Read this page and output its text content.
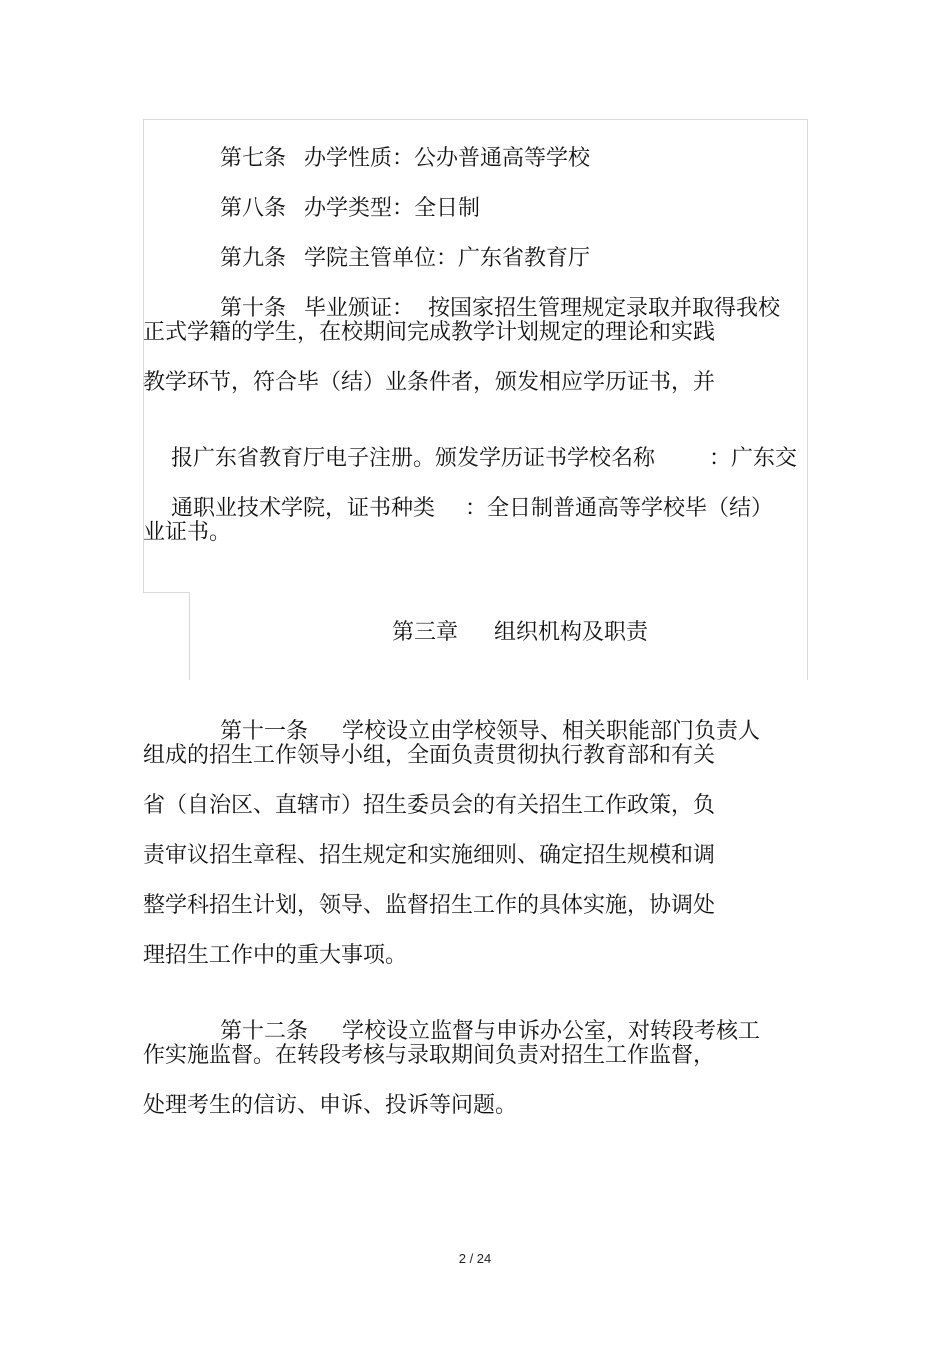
第七条 办学性质：公办普通高等学校

第八条 办学类型：全日制

第九条 学院主管单位：广东省教育厅

第十条 毕业颁证： 按国家招生管理规定录取并取得我校

正式学籍的学生，在校期间完成教学计划规定的理论和实践
教学环节，符合毕（结）业条件者，颁发相应学历证书，并

报广东省教育厅电子注册。颁发学历证书学校名称 ：广东交

通职业技术学院，证书种类 ：全日制普通高等学校毕（结）

业证书。

第三章 组织机构及职责

第十一条 学校设立由学校领导、相关职能部门负责人

组成的招生工作领导小组，全面负责贯彻执行教育部和有关
省（自治区、直辖市）招生委员会的有关招生工作政策，负
责审议招生章程、招生规定和实施细则、确定招生规模和调
整学科招生计划，领导、监督招生工作的具体实施，协调处
理招生工作中的重大事项。

第十二条 学校设立监督与申诉办公室，对转段考核工

作实施监督。在转段考核与录取期间负责对招生工作监督，
处理考生的信访、申诉、投诉等问题。
2 / 24
